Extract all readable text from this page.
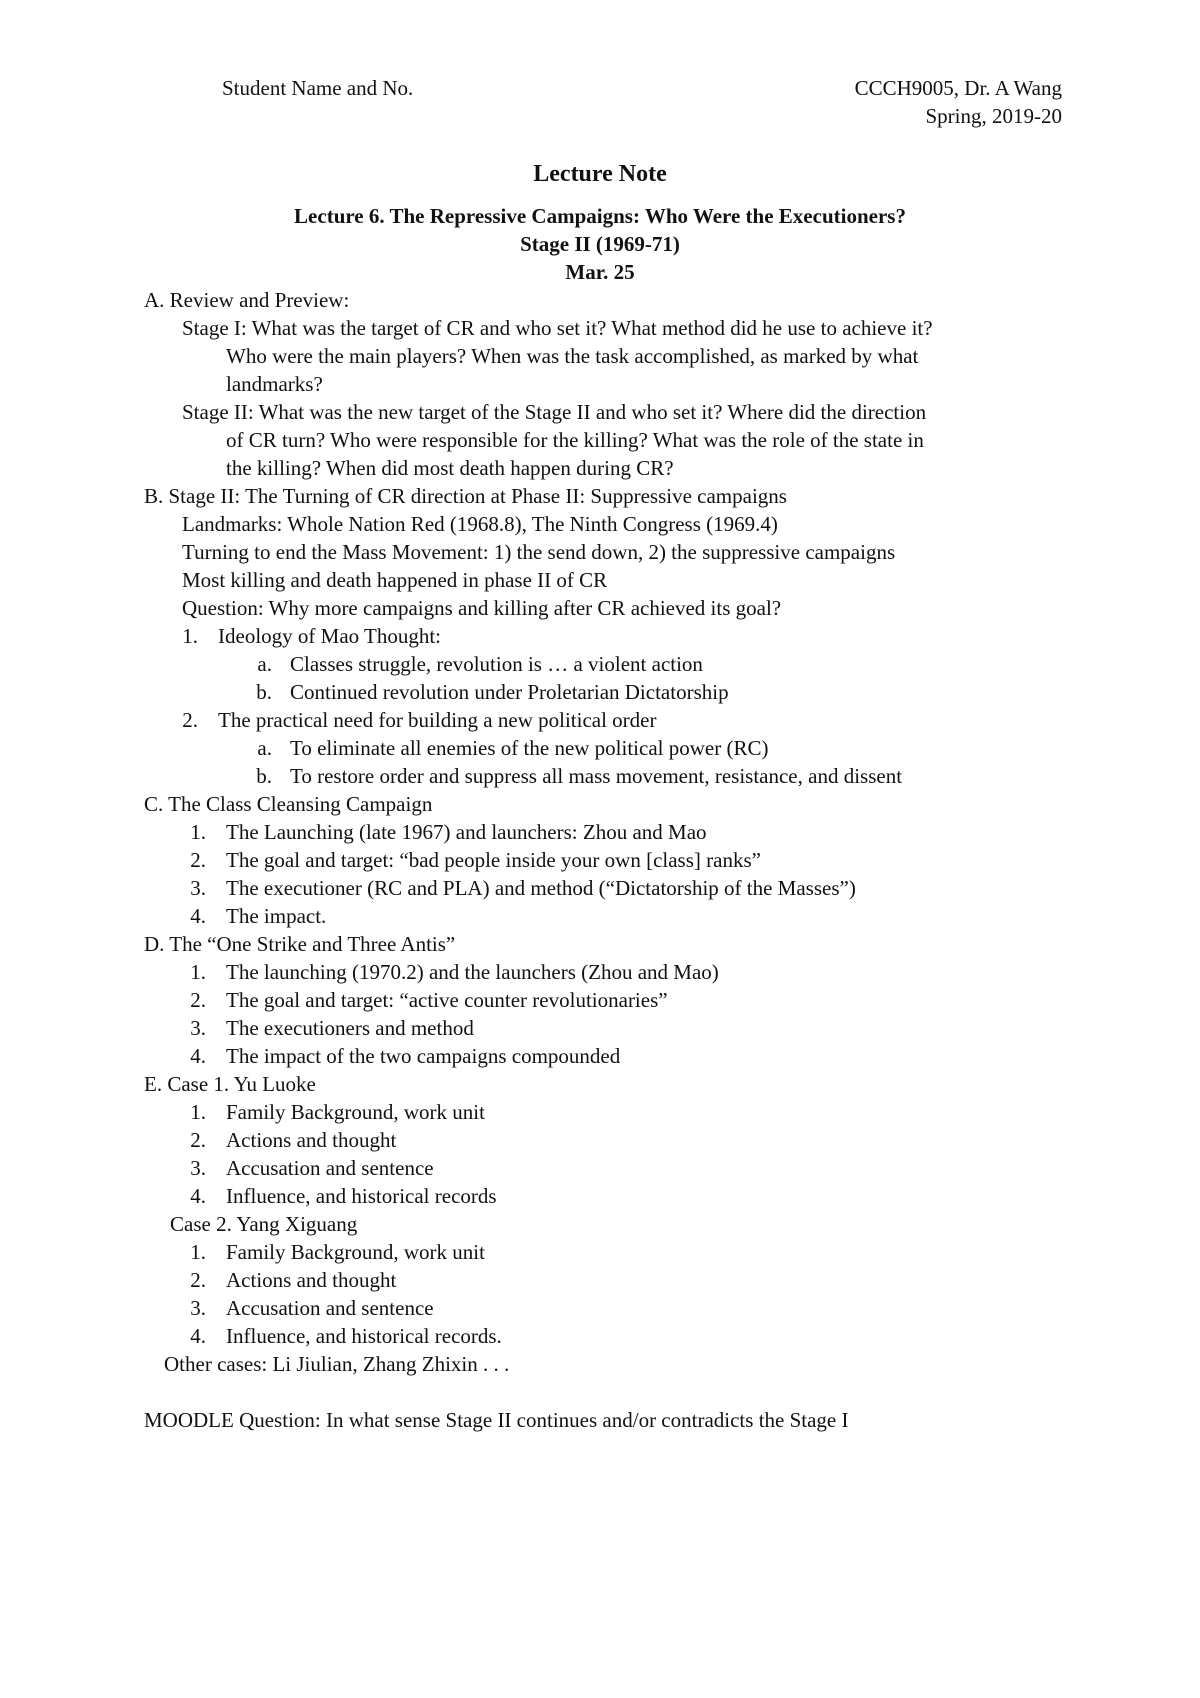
Student Name and No.	CCCH9005, Dr. A Wang
Spring, 2019-20
Lecture Note
Lecture 6. The Repressive Campaigns: Who Were the Executioners?
Stage II (1969-71)
Mar. 25
A. Review and Preview:
Stage I: What was the target of CR and who set it? What method did he use to achieve it?
Who were the main players? When was the task accomplished, as marked by what
landmarks?
Stage II: What was the new target of the Stage II and who set it? Where did the direction
of CR turn? Who were responsible for the killing? What was the role of the state in
the killing? When did most death happen during CR?
B. Stage II: The Turning of CR direction at Phase II: Suppressive campaigns
Landmarks: Whole Nation Red (1968.8), The Ninth Congress (1969.4)
Turning to end the Mass Movement: 1) the send down, 2) the suppressive campaigns
Most killing and death happened in phase II of CR
Question: Why more campaigns and killing after CR achieved its goal?
1. Ideology of Mao Thought:
a. Classes struggle, revolution is … a violent action
b. Continued revolution under Proletarian Dictatorship
2. The practical need for building a new political order
a. To eliminate all enemies of the new political power (RC)
b. To restore order and suppress all mass movement, resistance, and dissent
C. The Class Cleansing Campaign
1. The Launching (late 1967) and launchers: Zhou and Mao
2. The goal and target: “bad people inside your own [class] ranks”
3. The executioner (RC and PLA) and method (“Dictatorship of the Masses”)
4. The impact.
D. The “One Strike and Three Antis”
1. The launching (1970.2) and the launchers (Zhou and Mao)
2. The goal and target: “active counter revolutionaries”
3. The executioners and method
4. The impact of the two campaigns compounded
E. Case 1. Yu Luoke
1. Family Background, work unit
2. Actions and thought
3. Accusation and sentence
4. Influence, and historical records
Case 2. Yang Xiguang
1. Family Background, work unit
2. Actions and thought
3. Accusation and sentence
4. Influence, and historical records.
Other cases: Li Jiulian, Zhang Zhixin . . .
MOODLE Question: In what sense Stage II continues and/or contradicts the Stage I
